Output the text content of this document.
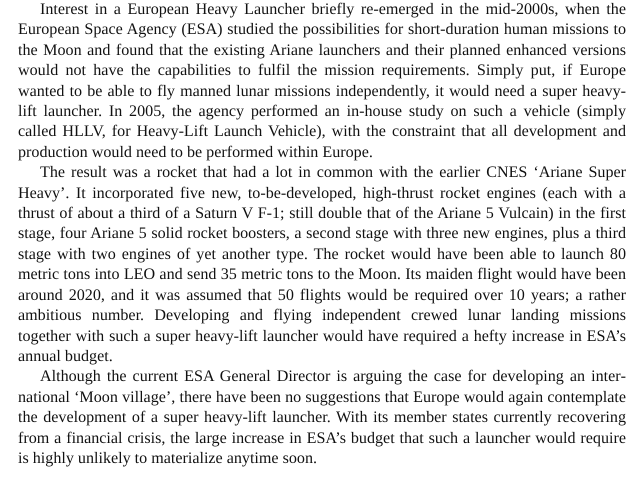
Interest in a European Heavy Launcher briefly re-emerged in the mid-2000s, when the European Space Agency (ESA) studied the possibilities for short-duration human missions to the Moon and found that the existing Ariane launchers and their planned enhanced versions would not have the capabilities to fulfil the mission requirements. Simply put, if Europe wanted to be able to fly manned lunar missions independently, it would need a super heavy-lift launcher. In 2005, the agency performed an in-house study on such a vehicle (simply called HLLV, for Heavy-Lift Launch Vehicle), with the constraint that all development and production would need to be performed within Europe.

The result was a rocket that had a lot in common with the earlier CNES ‘Ariane Super Heavy’. It incorporated five new, to-be-developed, high-thrust rocket engines (each with a thrust of about a third of a Saturn V F-1; still double that of the Ariane 5 Vulcain) in the first stage, four Ariane 5 solid rocket boosters, a second stage with three new engines, plus a third stage with two engines of yet another type. The rocket would have been able to launch 80 metric tons into LEO and send 35 metric tons to the Moon. Its maiden flight would have been around 2020, and it was assumed that 50 flights would be required over 10 years; a rather ambitious number. Developing and flying independent crewed lunar landing missions together with such a super heavy-lift launcher would have required a hefty increase in ESA’s annual budget.

Although the current ESA General Director is arguing the case for developing an international ‘Moon village’, there have been no suggestions that Europe would again contemplate the development of a super heavy-lift launcher. With its member states currently recovering from a financial crisis, the large increase in ESA’s budget that such a launcher would require is highly unlikely to materialize anytime soon.
